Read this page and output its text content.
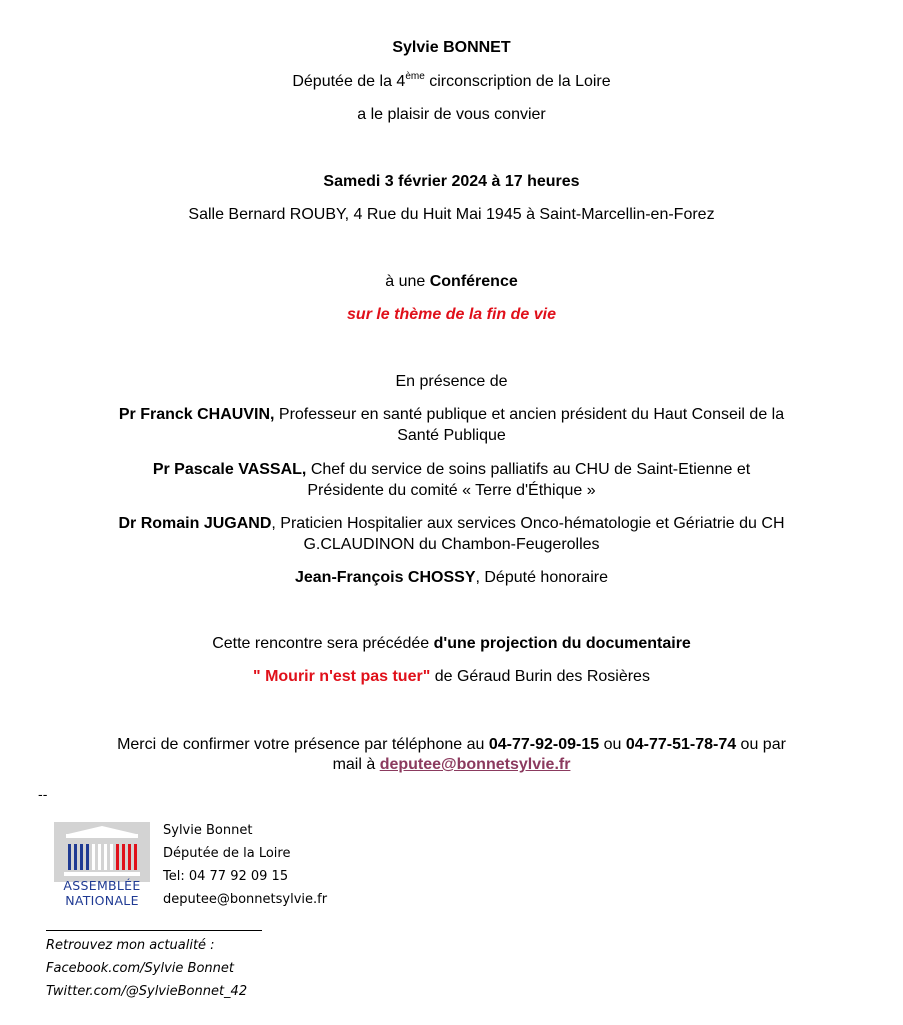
Sylvie BONNET
Députée de la 4ème circonscription de la Loire
a le plaisir de vous convier
Samedi 3 février 2024 à 17 heures
Salle Bernard ROUBY, 4 Rue du Huit Mai 1945 à Saint-Marcellin-en-Forez
à une Conférence
sur le thème de la fin de vie
En présence de
Pr Franck CHAUVIN, Professeur en santé publique et ancien président du Haut Conseil de la
Santé Publique
Pr Pascale VASSAL, Chef du service de soins palliatifs au CHU de Saint-Etienne et
Présidente du comité « Terre d'Éthique »
Dr Romain JUGAND, Praticien Hospitalier aux services Onco-hématologie et Gériatrie du CH
G.CLAUDINON du Chambon-Feugerolles
Jean-François CHOSSY, Député honoraire
Cette rencontre sera précédée d'une projection du documentaire
" Mourir n'est pas tuer" de Géraud Burin des Rosières
Merci de confirmer votre présence par téléphone au 04-77-92-09-15 ou 04-77-51-78-74 ou par
mail à deputee@bonnetsylvie.fr
--
ASSEMBLÉE
NATIONALE
Sylvie Bonnet
Députée de la Loire
Tel: 04 77 92 09 15
deputee@bonnetsylvie.fr
Retrouvez mon actualité :
Facebook.com/Sylvie Bonnet
Twitter.com/@SylvieBonnet_42
